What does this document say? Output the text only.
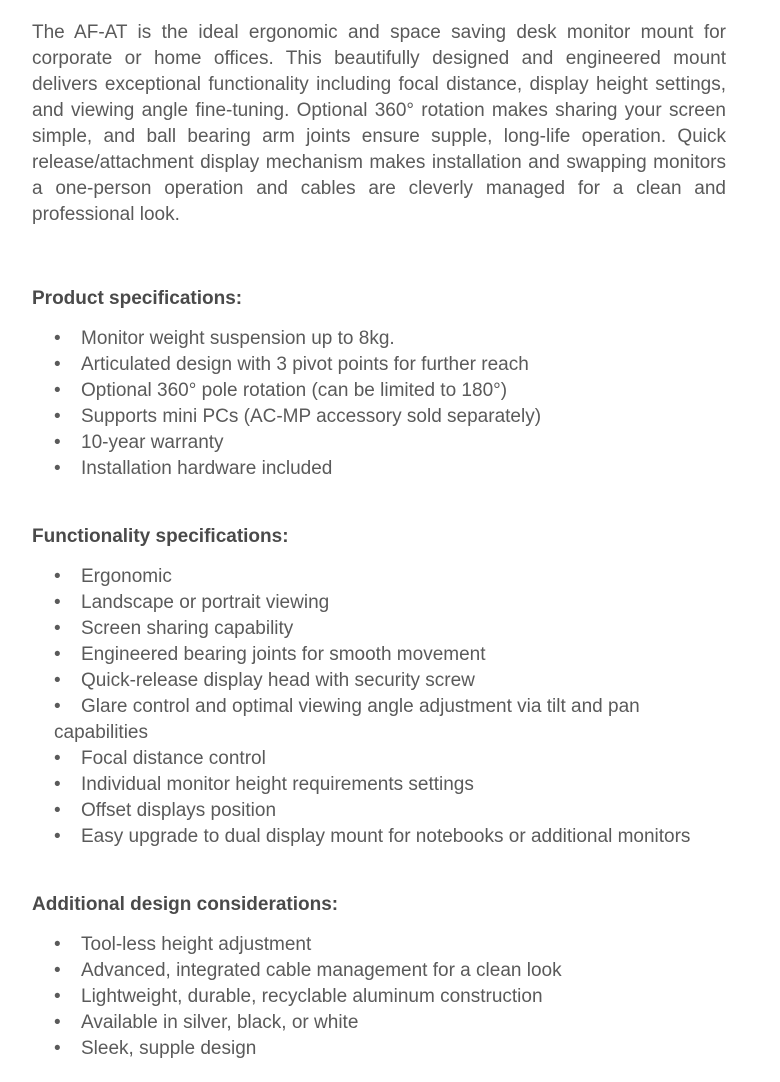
The AF-AT is the ideal ergonomic and space saving desk monitor mount for corporate or home offices. This beautifully designed and engineered mount delivers exceptional functionality including focal distance, display height settings, and viewing angle fine-tuning. Optional 360° rotation makes sharing your screen simple, and ball bearing arm joints ensure supple, long-life operation. Quick release/attachment display mechanism makes installation and swapping monitors a one-person operation and cables are cleverly managed for a clean and professional look.

Product specifications:
• Monitor weight suspension up to 8kg.
• Articulated design with 3 pivot points for further reach
• Optional 360° pole rotation (can be limited to 180°)
• Supports mini PCs (AC-MP accessory sold separately)
• 10-year warranty
• Installation hardware included
Functionality specifications:
• Ergonomic
• Landscape or portrait viewing
• Screen sharing capability
• Engineered bearing joints for smooth movement
• Quick-release display head with security screw
• Glare control and optimal viewing angle adjustment via tilt and pan capabilities
• Focal distance control
• Individual monitor height requirements settings
• Offset displays position
• Easy upgrade to dual display mount for notebooks or additional monitors
Additional design considerations:
• Tool-less height adjustment
• Advanced, integrated cable management for a clean look
• Lightweight, durable, recyclable aluminum construction
• Available in silver, black, or white
• Sleek, supple design
